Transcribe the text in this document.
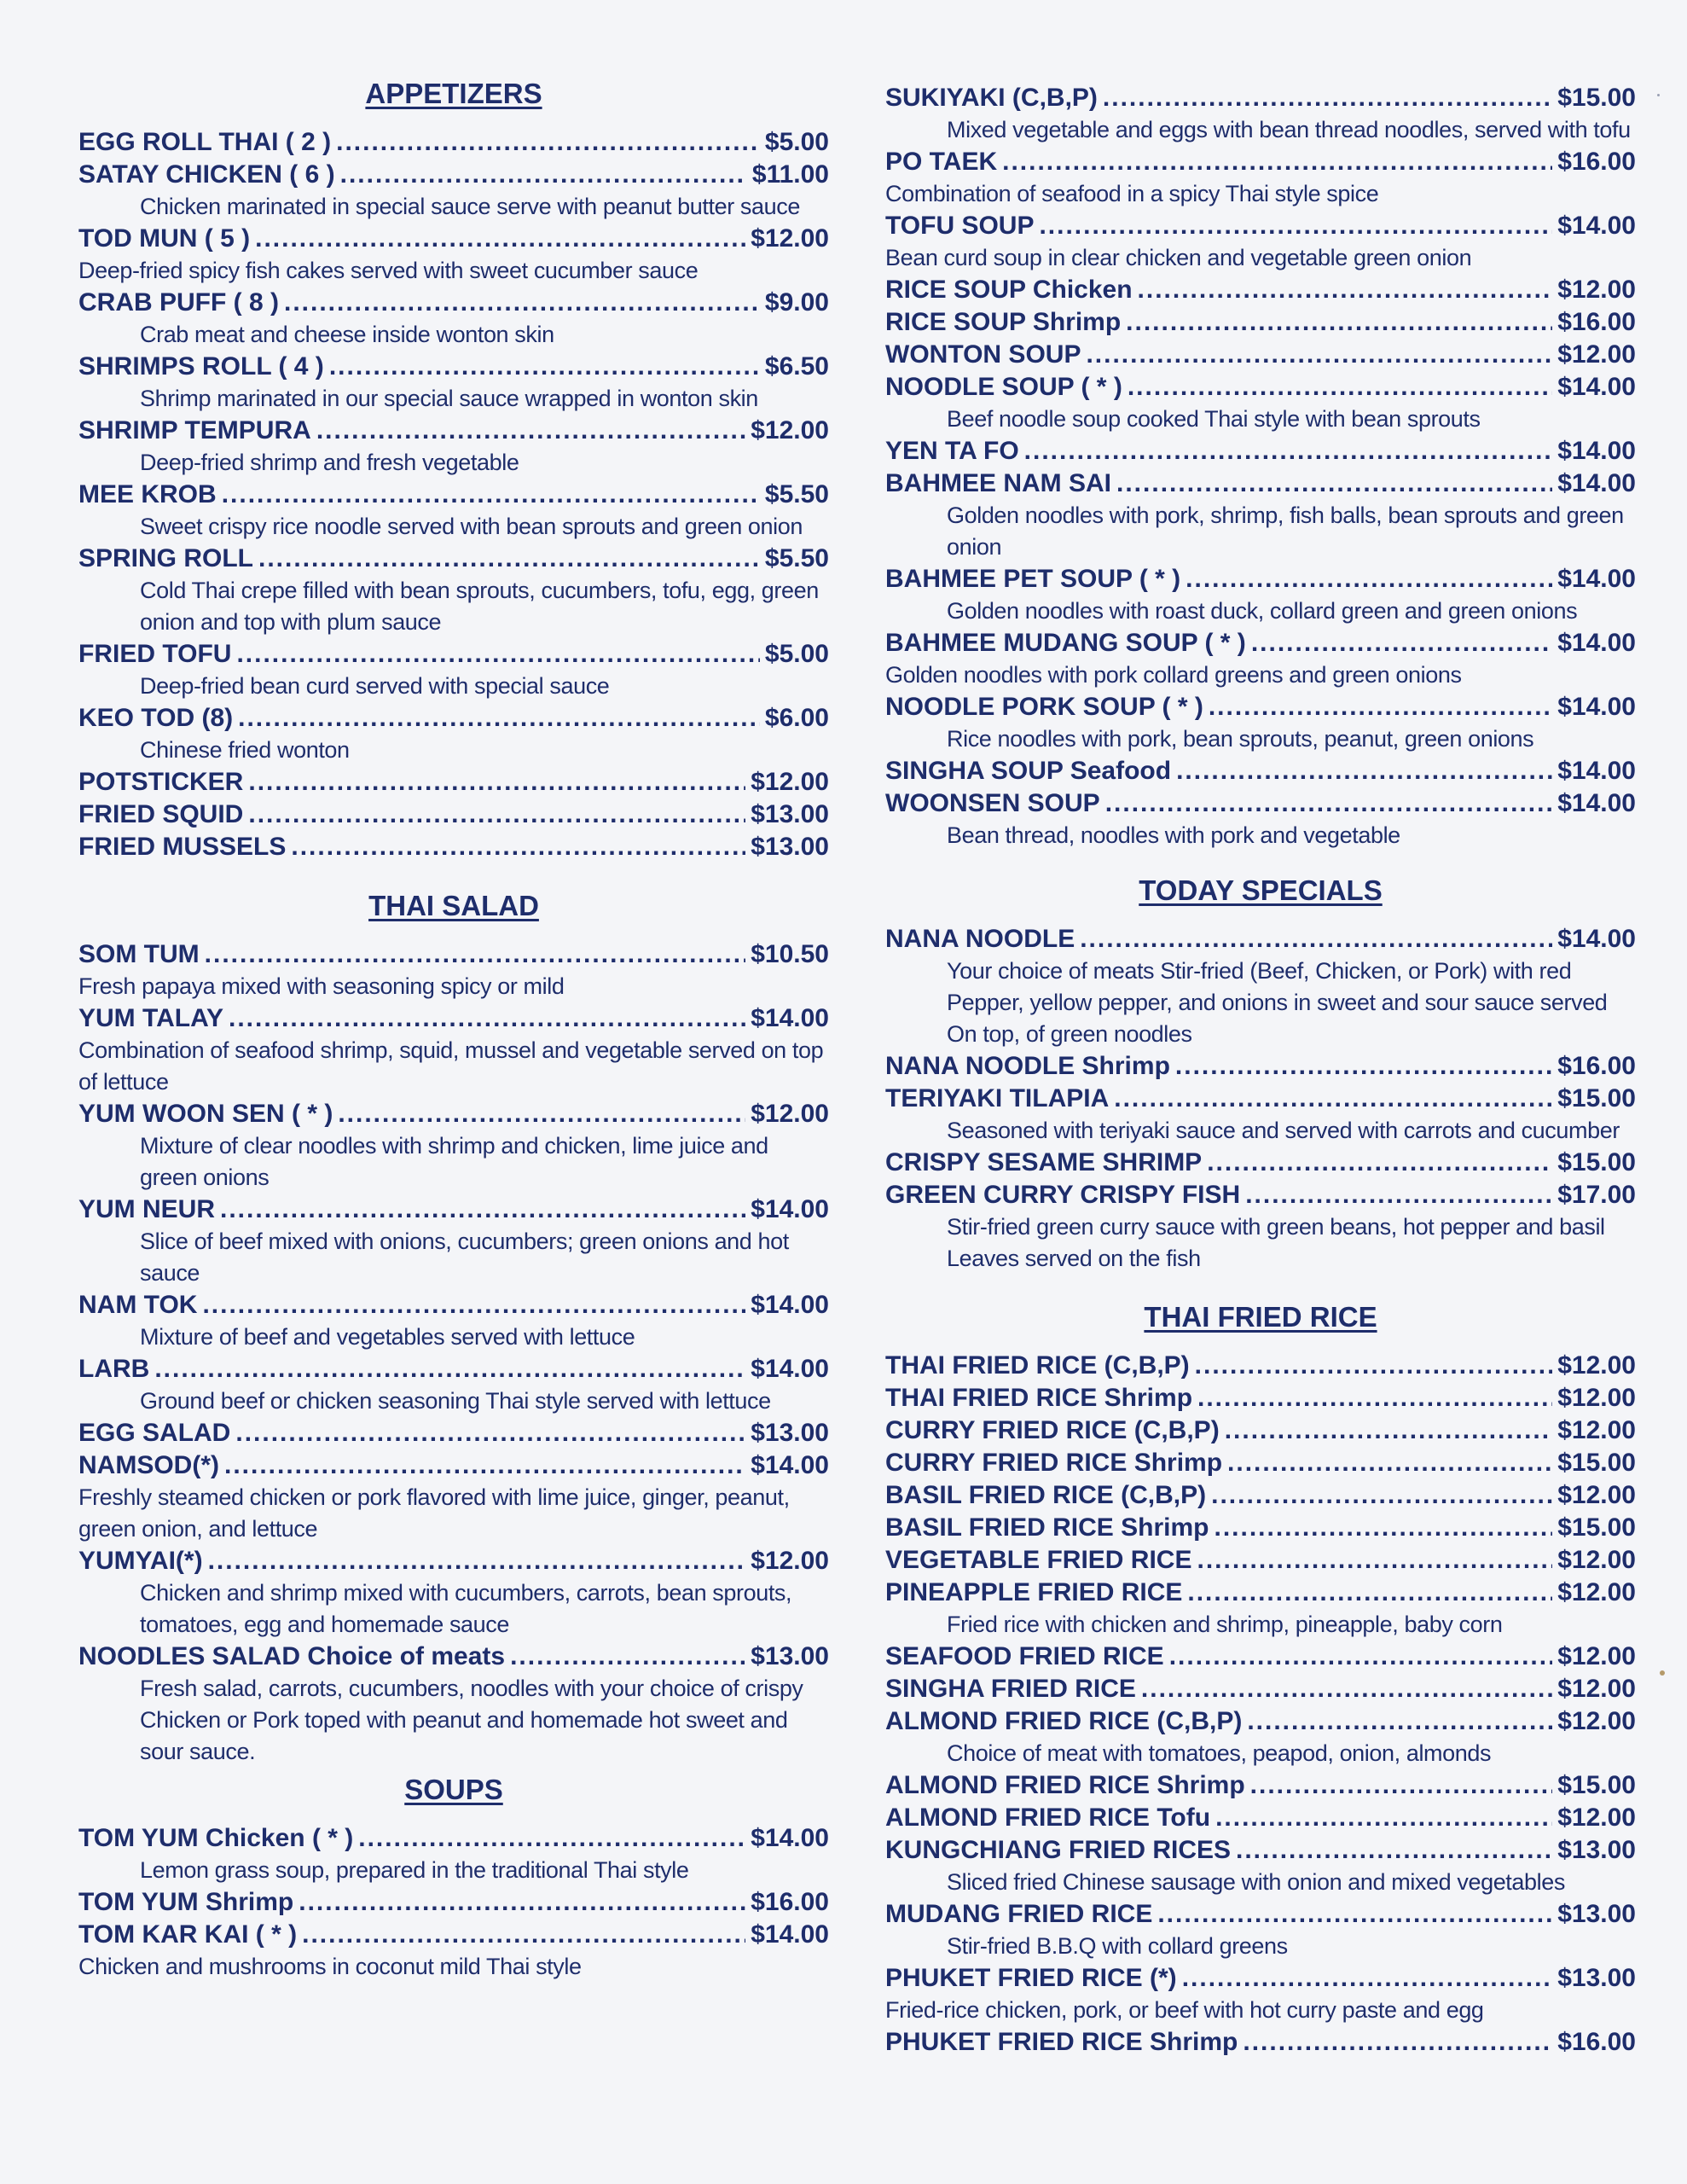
APPETIZERS
EGG ROLL THAI ( 2 ) .....	$5.00
SATAY CHICKEN ( 6 ) .....	$11.00
Chicken marinated in special sauce serve with peanut butter sauce
TOD MUN ( 5 ) .....	$12.00
Deep-fried spicy fish cakes served with sweet cucumber sauce
CRAB PUFF ( 8 ) .....	$9.00
Crab meat and cheese inside wonton skin
SHRIMPS ROLL ( 4 ) .....	$6.50
Shrimp marinated in our special sauce wrapped in wonton skin
SHRIMP TEMPURA .....	$12.00
Deep-fried shrimp and fresh vegetable
MEE KROB .....	$5.50
Sweet crispy rice noodle served with bean sprouts and green onion
SPRING ROLL .....	$5.50
Cold Thai crepe filled with bean sprouts, cucumbers, tofu, egg, green onion and top with plum sauce
FRIED TOFU .....	$5.00
Deep-fried bean curd served with special sauce
KEO TOD (8) .....	$6.00
Chinese fried wonton
POTSTICKER .....	$12.00
FRIED SQUID .....	$13.00
FRIED MUSSELS .....	$13.00
THAI SALAD
SOM TUM .....	$10.50
Fresh papaya mixed with seasoning spicy or mild
YUM TALAY .....	$14.00
Combination of seafood shrimp, squid, mussel and vegetable served on top of lettuce
YUM WOON SEN ( * ) .....	$12.00
Mixture of clear noodles with shrimp and chicken, lime juice and green onions
YUM NEUR .....	$14.00
Slice of beef mixed with onions, cucumbers; green onions and hot sauce
NAM TOK .....	$14.00
Mixture of beef and vegetables served with lettuce
LARB .....	$14.00
Ground beef or chicken seasoning Thai style served with lettuce
EGG SALAD .....	$13.00
NAMSOD(*) .....	$14.00
Freshly steamed chicken or pork flavored with lime juice, ginger, peanut, green onion, and lettuce
YUMYAI(*) .....	$12.00
Chicken and shrimp mixed with cucumbers, carrots, bean sprouts, tomatoes, egg and homemade sauce
NOODLES SALAD Choice of meats .....	$13.00
Fresh salad, carrots, cucumbers, noodles with your choice of crispy Chicken or Pork toped with peanut and homemade hot sweet and sour sauce.
SOUPS
TOM YUM Chicken ( * ) .....	$14.00
Lemon grass soup, prepared in the traditional Thai style
TOM YUM Shrimp .....	$16.00
TOM KAR KAI ( * ) .....	$14.00
Chicken and mushrooms in coconut mild Thai style
SUKIYAKI (C,B,P) .....	$15.00
Mixed vegetable and eggs with bean thread noodles, served with tofu
PO TAEK .....	$16.00
Combination of seafood in a spicy Thai style spice
TOFU SOUP .....	$14.00
Bean curd soup in clear chicken and vegetable green onion
RICE SOUP Chicken .....	$12.00
RICE SOUP Shrimp .....	$16.00
WONTON SOUP .....	$12.00
NOODLE SOUP ( * ) .....	$14.00
Beef noodle soup cooked Thai style with bean sprouts
YEN TA FO .....	$14.00
BAHMEE NAM SAI .....	$14.00
Golden noodles with pork, shrimp, fish balls, bean sprouts and green onion
BAHMEE PET SOUP ( * ) .....	$14.00
Golden noodles with roast duck, collard green and green onions
BAHMEE MUDANG SOUP ( * ) .....	$14.00
Golden noodles with pork collard greens and green onions
NOODLE PORK SOUP ( * ) .....	$14.00
Rice noodles with pork, bean sprouts, peanut, green onions
SINGHA SOUP Seafood .....	$14.00
WOONSEN SOUP .....	$14.00
Bean thread, noodles with pork and vegetable
TODAY SPECIALS
NANA NOODLE .....	$14.00
Your choice of meats Stir-fried (Beef, Chicken, or Pork) with red Pepper, yellow pepper, and onions in sweet and sour sauce served On top, of green noodles
NANA NOODLE Shrimp .....	$16.00
TERIYAKI TILAPIA .....	$15.00
Seasoned with teriyaki sauce and served with carrots and cucumber
CRISPY SESAME SHRIMP .....	$15.00
GREEN CURRY CRISPY FISH .....	$17.00
Stir-fried green curry sauce with green beans, hot pepper and basil Leaves served on the fish
THAI FRIED RICE
THAI FRIED RICE (C,B,P) .....	$12.00
THAI FRIED RICE Shrimp .....	$12.00
CURRY FRIED RICE (C,B,P) .....	$12.00
CURRY FRIED RICE Shrimp .....	$15.00
BASIL FRIED RICE (C,B,P) .....	$12.00
BASIL FRIED RICE Shrimp .....	$15.00
VEGETABLE FRIED RICE .....	$12.00
PINEAPPLE FRIED RICE .....	$12.00
Fried rice with chicken and shrimp, pineapple, baby corn
SEAFOOD FRIED RICE .....	$12.00
SINGHA FRIED RICE .....	$12.00
ALMOND FRIED RICE (C,B,P) .....	$12.00
Choice of meat with tomatoes, peapod, onion, almonds
ALMOND FRIED RICE Shrimp .....	$15.00
ALMOND FRIED RICE Tofu .....	$12.00
KUNGCHIANG FRIED RICES .....	$13.00
Sliced fried Chinese sausage with onion and mixed vegetables
MUDANG FRIED RICE .....	$13.00
Stir-fried B.B.Q with collard greens
PHUKET FRIED RICE (*) .....	$13.00
Fried-rice chicken, pork, or beef with hot curry paste and egg
PHUKET FRIED RICE Shrimp .....	$16.00
